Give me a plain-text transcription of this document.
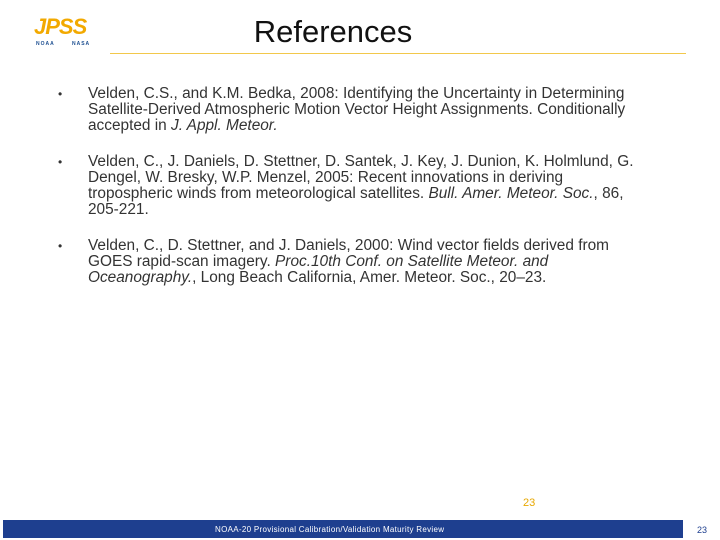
JPSS
NOAA	NASA	References
• Velden, C.S., and K.M. Bedka, 2008: Identifying the Uncertainty in Determining Satellite-Derived Atmospheric Motion Vector Height Assignments. Conditionally accepted in J. Appl. Meteor.
• Velden, C., J. Daniels, D. Stettner, D. Santek, J. Key, J. Dunion, K. Holmlund, G. Dengel, W. Bresky, W.P. Menzel, 2005: Recent innovations in deriving tropospheric winds from meteorological satellites. Bull. Amer. Meteor. Soc., 86, 205-221.
• Velden, C., D. Stettner, and J. Daniels, 2000: Wind vector fields derived from GOES rapid-scan imagery. Proc.10th Conf. on Satellite Meteor. and Oceanography., Long Beach California, Amer. Meteor. Soc., 20–23.
23
NOAA-20 Provisional Calibration/Validation Maturity Review	23
